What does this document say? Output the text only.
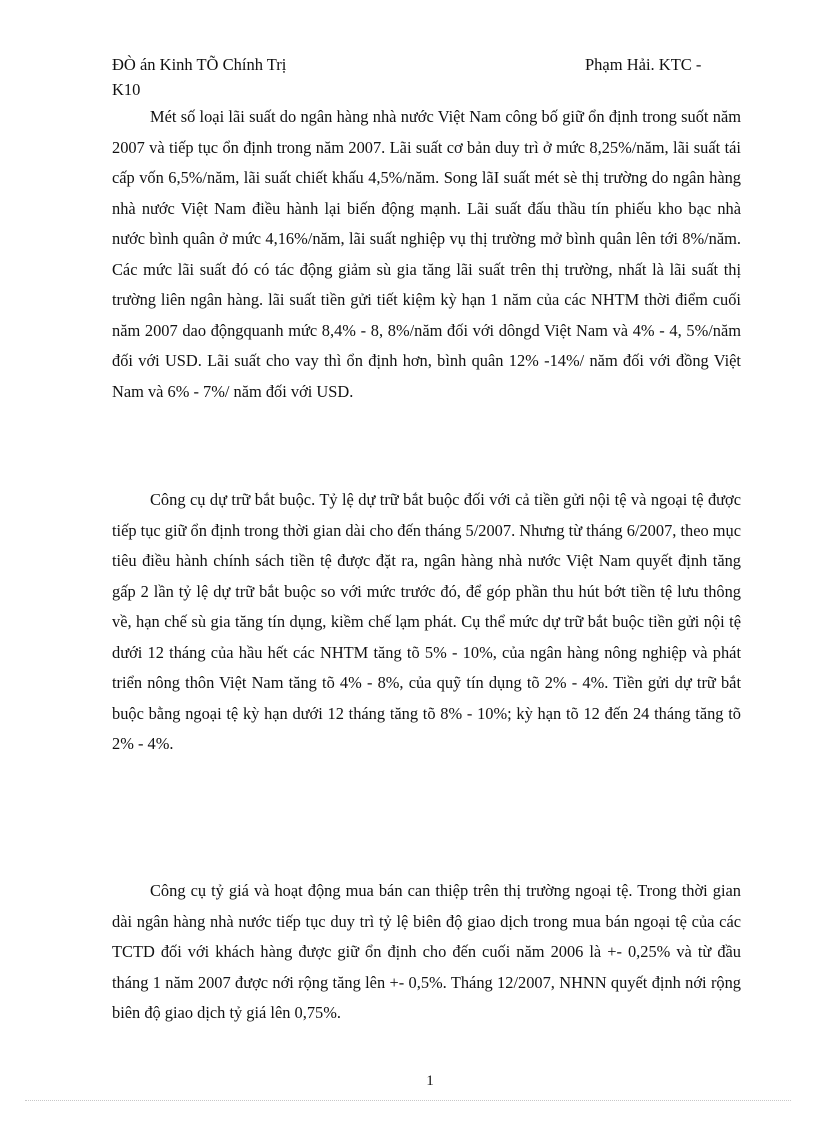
ĐÒ án Kinh TÕ Chính Trị
K10
Phạm Hải. KTC -

Mét số loại lãi suất do ngân hàng nhà nước Việt Nam công bố giữ ổn định trong suốt năm 2007 và tiếp tục ổn định trong năm 2007. Lãi suất cơ bản duy trì ở mức 8,25%/năm, lãi suất tái cấp vốn 6,5%/năm, lãi suất chiết khấu 4,5%/năm. Song lãI suất mét sè thị trường do ngân hàng nhà nước Việt Nam điều hành lại biến động mạnh. Lãi suất đấu thầu tín phiếu kho bạc nhà nước bình quân ở mức 4,16%/năm, lãi suất nghiệp vụ thị trường mở bình quân lên tới 8%/năm. Các mức lãi suất đó có tác động giảm sù gia tăng lãi suất trên thị trường, nhất là lãi suất thị trường liên ngân hàng. lãi suất tiền gửi tiết kiệm kỳ hạn 1 năm của các NHTM thời điểm cuối năm 2007 dao độngquanh mức 8,4% - 8, 8%/năm đối với dôngd Việt Nam và 4% - 4, 5%/năm đối với USD. Lãi suất cho vay thì ổn định hơn, bình quân 12% -14%/ năm đối với đồng Việt Nam và 6% - 7%/ năm đối với USD.

Công cụ dự trữ bắt buộc. Tỷ lệ dự trữ bắt buộc đối với cả tiền gửi nội tệ và ngoại tệ được tiếp tục giữ ổn định trong thời gian dài cho đến tháng 5/2007. Nhưng từ tháng 6/2007, theo mục tiêu điều hành chính sách tiền tệ được đặt ra, ngân hàng nhà nước Việt Nam quyết định tăng gấp 2 lần tỷ lệ dự trữ bắt buộc so với mức trước đó, để góp phần thu hút bớt tiền tệ lưu thông về, hạn chế sù gia tăng tín dụng, kiềm chế lạm phát. Cụ thể mức dự trữ bắt buộc tiền gửi nội tệ dưới 12 tháng của hầu hết các NHTM tăng tõ 5% - 10%, của ngân hàng nông nghiệp và phát triển nông thôn Việt Nam tăng tõ 4% - 8%, của quỹ tín dụng tõ 2% - 4%. Tiền gửi dự trữ bắt buộc bằng ngoại tệ kỳ hạn dưới 12 tháng tăng tõ 8% - 10%; kỳ hạn tõ 12 đến 24 tháng tăng tõ 2% - 4%.

Công cụ tỷ giá và hoạt động mua bán can thiệp trên thị trường ngoại tệ. Trong thời gian dài ngân hàng nhà nước tiếp tục duy trì tỷ lệ biên độ giao dịch trong mua bán ngoại tệ của các TCTD đối với khách hàng được giữ ổn định cho đến cuối năm 2006 là +- 0,25% và từ đầu tháng 1 năm 2007 được nới rộng tăng lên +- 0,5%. Tháng 12/2007, NHNN quyết định nới rộng biên độ giao dịch tỷ giá lên 0,75%.

1
